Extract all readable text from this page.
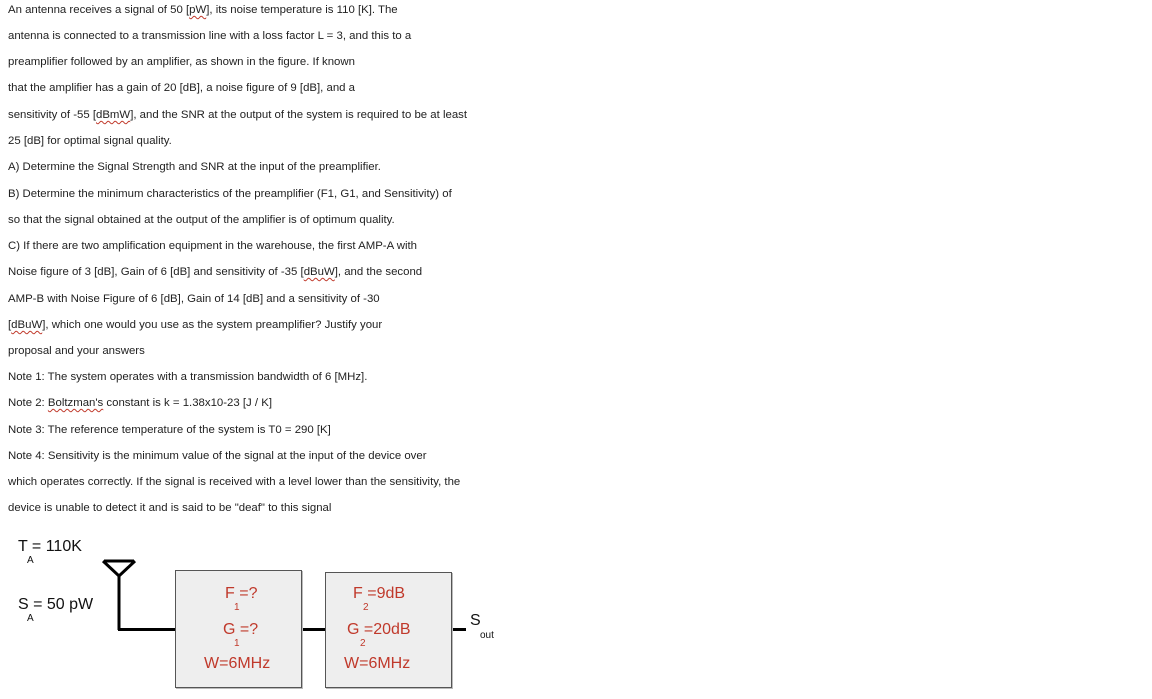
An antenna receives a signal of 50 [pW], its noise temperature is 110 [K]. The
antenna is connected to a transmission line with a loss factor L = 3, and this to a
preamplifier followed by an amplifier, as shown in the figure. If known
that the amplifier has a gain of 20 [dB], a noise figure of 9 [dB], and a
sensitivity of -55 [dBmW], and the SNR at the output of the system is required to be at least
25 [dB] for optimal signal quality.
A) Determine the Signal Strength and SNR at the input of the preamplifier.
B) Determine the minimum characteristics of the preamplifier (F1, G1, and Sensitivity) of
so that the signal obtained at the output of the amplifier is of optimum quality.
C) If there are two amplification equipment in the warehouse, the first AMP-A with
Noise figure of 3 [dB], Gain of 6 [dB] and sensitivity of -35 [dBuW], and the second
AMP-B with Noise Figure of 6 [dB], Gain of 14 [dB] and a sensitivity of -30
[dBuW], which one would you use as the system preamplifier? Justify your
proposal and your answers
Note 1: The system operates with a transmission bandwidth of 6 [MHz].
Note 2: Boltzman's constant is k = 1.38x10-23 [J / K]
Note 3: The reference temperature of the system is T0 = 290 [K]
Note 4: Sensitivity is the minimum value of the signal at the input of the device over
which operates correctly. If the signal is received with a level lower than the sensitivity, the
device is unable to detect it and is said to be "deaf" to this signal
T = 110K
A
S = 50 pW
A
F =?
1
G =?
1
W=6MHz
F =9dB
2
G =20dB
2
W=6MHz
S
out
